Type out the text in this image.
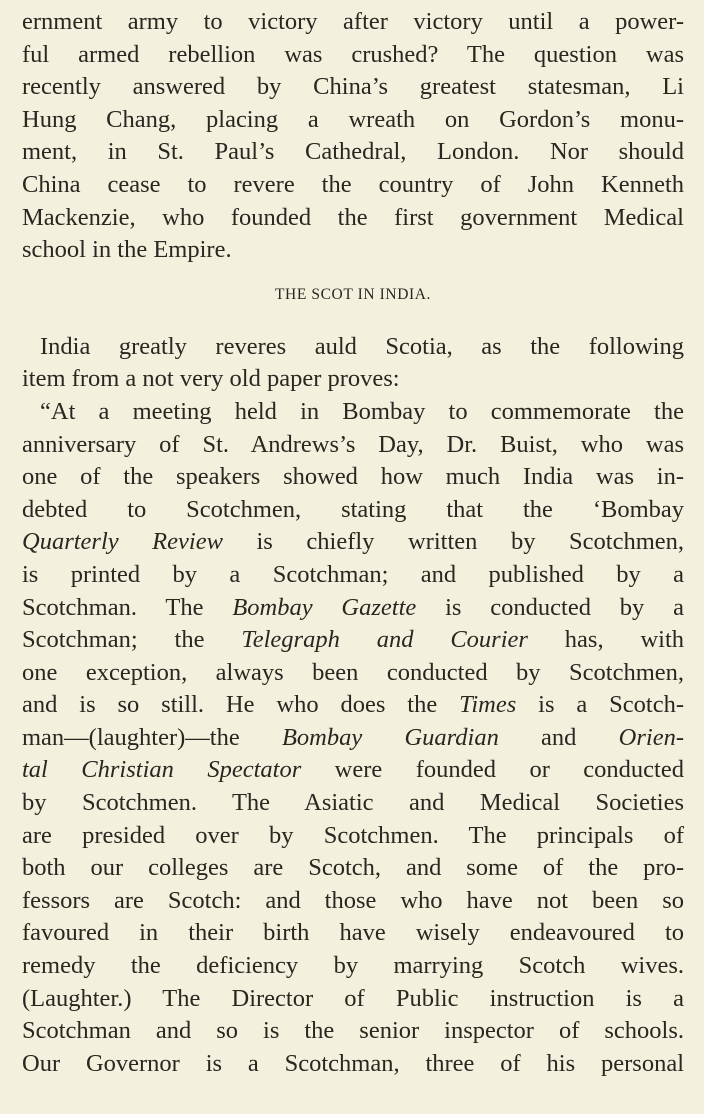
ernment army to victory after victory until a power-
ful armed rebellion was crushed? The question was
recently answered by China’s greatest statesman, Li
Hung Chang, placing a wreath on Gordon’s monu-
ment, in St. Paul’s Cathedral, London. Nor should
China cease to revere the country of John Kenneth
Mackenzie, who founded the first government Medical
school in the Empire.
THE SCOT IN INDIA.
India greatly reveres auld Scotia, as the following
item from a not very old paper proves:
“At a meeting held in Bombay to commemorate the
anniversary of St. Andrews’s Day, Dr. Buist, who was
one of the speakers showed how much India was in-
debted to Scotchmen, stating that the ‘Bombay
Quarterly Review is chiefly written by Scotchmen,
is printed by a Scotchman; and published by a
Scotchman. The Bombay Gazette is conducted by a
Scotchman; the Telegraph and Courier has, with
one exception, always been conducted by Scotchmen,
and is so still. He who does the Times is a Scotch-
man—(laughter)—the Bombay Guardian and Orien-
tal Christian Spectator were founded or conducted
by Scotchmen. The Asiatic and Medical Societies
are presided over by Scotchmen. The principals of
both our colleges are Scotch, and some of the pro-
fessors are Scotch: and those who have not been so
favoured in their birth have wisely endeavoured to
remedy the deficiency by marrying Scotch wives.
(Laughter.) The Director of Public instruction is a
Scotchman and so is the senior inspector of schools.
Our Governor is a Scotchman, three of his personal
